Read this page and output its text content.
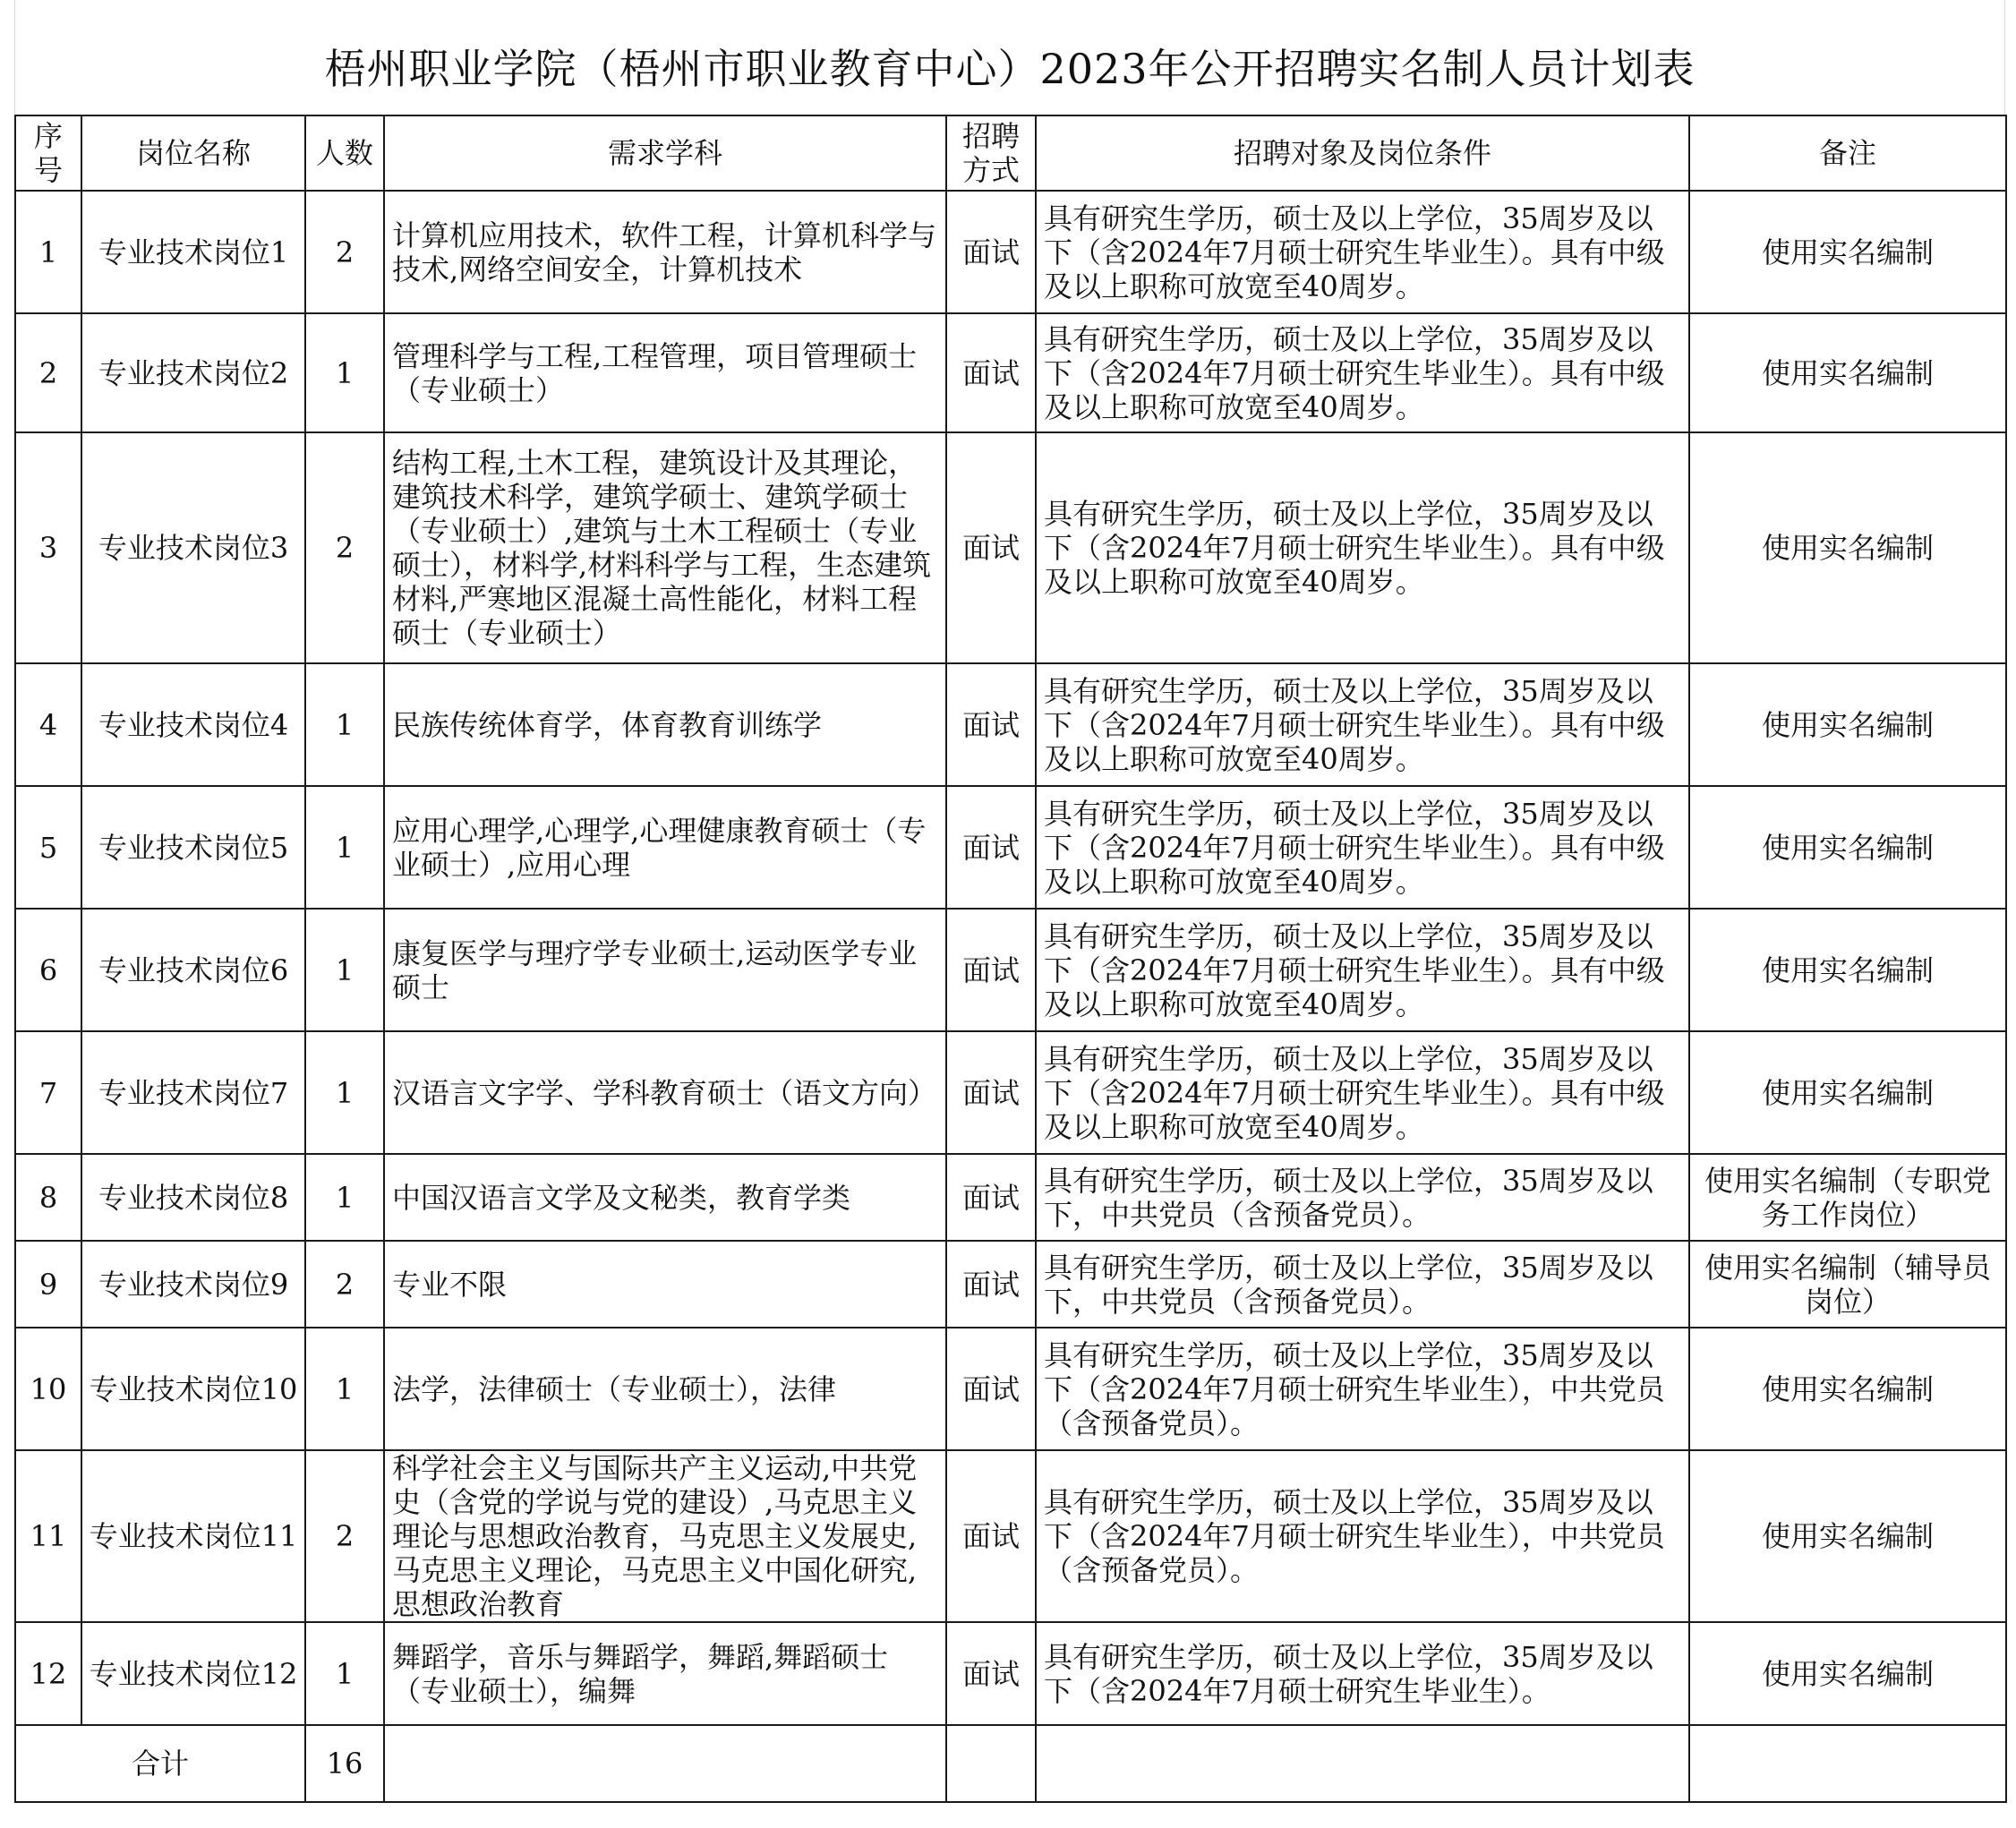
梧州职业学院（梧州市职业教育中心）2023年公开招聘实名制人员计划表
序号	岗位名称	人数	需求学科	招聘方式	招聘对象及岗位条件	备注
1	专业技术岗位1	2	计算机应用技术，软件工程，计算机科学与技术,网络空间安全，计算机技术	面试	具有研究生学历，硕士及以上学位，35周岁及以下（含2024年7月硕士研究生毕业生）。具有中级及以上职称可放宽至40周岁。	使用实名编制
2	专业技术岗位2	1	管理科学与工程,工程管理，项目管理硕士（专业硕士）	面试	具有研究生学历，硕士及以上学位，35周岁及以下（含2024年7月硕士研究生毕业生）。具有中级及以上职称可放宽至40周岁。	使用实名编制
3	专业技术岗位3	2	结构工程,土木工程，建筑设计及其理论，建筑技术科学，建筑学硕士、建筑学硕士（专业硕士）,建筑与土木工程硕士（专业硕士），材料学,材料科学与工程，生态建筑材料,严寒地区混凝土高性能化，材料工程硕士（专业硕士）	面试	具有研究生学历，硕士及以上学位，35周岁及以下（含2024年7月硕士研究生毕业生）。具有中级及以上职称可放宽至40周岁。	使用实名编制
4	专业技术岗位4	1	民族传统体育学，体育教育训练学	面试	具有研究生学历，硕士及以上学位，35周岁及以下（含2024年7月硕士研究生毕业生）。具有中级及以上职称可放宽至40周岁。	使用实名编制
5	专业技术岗位5	1	应用心理学,心理学,心理健康教育硕士（专业硕士）,应用心理	面试	具有研究生学历，硕士及以上学位，35周岁及以下（含2024年7月硕士研究生毕业生）。具有中级及以上职称可放宽至40周岁。	使用实名编制
6	专业技术岗位6	1	康复医学与理疗学专业硕士,运动医学专业硕士	面试	具有研究生学历，硕士及以上学位，35周岁及以下（含2024年7月硕士研究生毕业生）。具有中级及以上职称可放宽至40周岁。	使用实名编制
7	专业技术岗位7	1	汉语言文字学、学科教育硕士（语文方向）	面试	具有研究生学历，硕士及以上学位，35周岁及以下（含2024年7月硕士研究生毕业生）。具有中级及以上职称可放宽至40周岁。	使用实名编制
8	专业技术岗位8	1	中国汉语言文学及文秘类，教育学类	面试	具有研究生学历，硕士及以上学位，35周岁及以下，中共党员（含预备党员）。	使用实名编制（专职党务工作岗位）
9	专业技术岗位9	2	专业不限	面试	具有研究生学历，硕士及以上学位，35周岁及以下，中共党员（含预备党员）。	使用实名编制（辅导员岗位）
10	专业技术岗位10	1	法学，法律硕士（专业硕士），法律	面试	具有研究生学历，硕士及以上学位，35周岁及以下（含2024年7月硕士研究生毕业生），中共党员（含预备党员）。	使用实名编制
11	专业技术岗位11	2	科学社会主义与国际共产主义运动,中共党史（含党的学说与党的建设）,马克思主义理论与思想政治教育，马克思主义发展史,马克思主义理论，马克思主义中国化研究,思想政治教育	面试	具有研究生学历，硕士及以上学位，35周岁及以下（含2024年7月硕士研究生毕业生），中共党员（含预备党员）。	使用实名编制
12	专业技术岗位12	1	舞蹈学，音乐与舞蹈学，舞蹈,舞蹈硕士（专业硕士），编舞	面试	具有研究生学历，硕士及以上学位，35周岁及以下（含2024年7月硕士研究生毕业生）。	使用实名编制
合计		16				
